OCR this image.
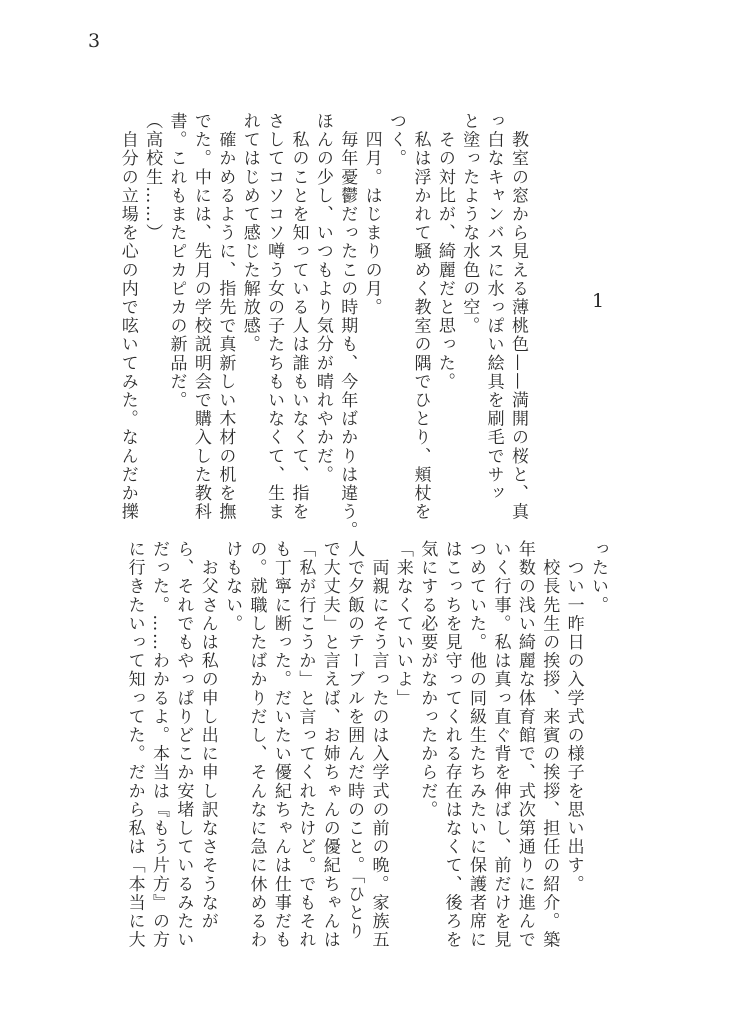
3
1
　教室の窓から見える薄桃色——満開の桜と、真
っ白なキャンバスに水っぽい絵具を刷毛でサッ
と塗ったような水色の空。
　その対比が、綺麗だと思った。
　私は浮かれて騒めく教室の隅でひとり、頬杖を
つく。
　四月。はじまりの月。
　毎年憂鬱だったこの時期も、今年ばかりは違う。
ほんの少し、いつもより気分が晴れやかだ。
　私のことを知っている人は誰もいなくて、指を
さしてコソコソ噂う女の子たちもいなくて、生ま
れてはじめて感じた解放感。
　確かめるように、指先で真新しい木材の机を撫
でた。中には、先月の学校説明会で購入した教科
書。これもまたピカピカの新品だ。
（高校生……）
　自分の立場を心の内で呟いてみた。なんだか擽
ったい。
　つい一昨日の入学式の様子を思い出す。
　校長先生の挨拶、来賓の挨拶、担任の紹介。築
年数の浅い綺麗な体育館で、式次第通りに進んで
いく行事。私は真っ直ぐ背を伸ばし、前だけを見
つめていた。他の同級生たちみたいに保護者席に
はこっちを見守ってくれる存在はなくて、後ろを
気にする必要がなかったからだ。
「来なくていいよ」
　両親にそう言ったのは入学式の前の晩。家族五
人で夕飯のテーブルを囲んだ時のこと。「ひとり
で大丈夫」と言えば、お姉ちゃんの優紀ちゃんは
「私が行こうか」と言ってくれたけど。でもそれ
も丁寧に断った。だいたい優紀ちゃんは仕事だも
の。就職したばかりだし、そんなに急に休めるわ
けもない。
　お父さんは私の申し出に申し訳なさそうなが
ら、それでもやっぱりどこか安堵しているみたい
だった。……わかるよ。本当は『もう片方』の方
に行きたいって知ってた。だから私は「本当に大
